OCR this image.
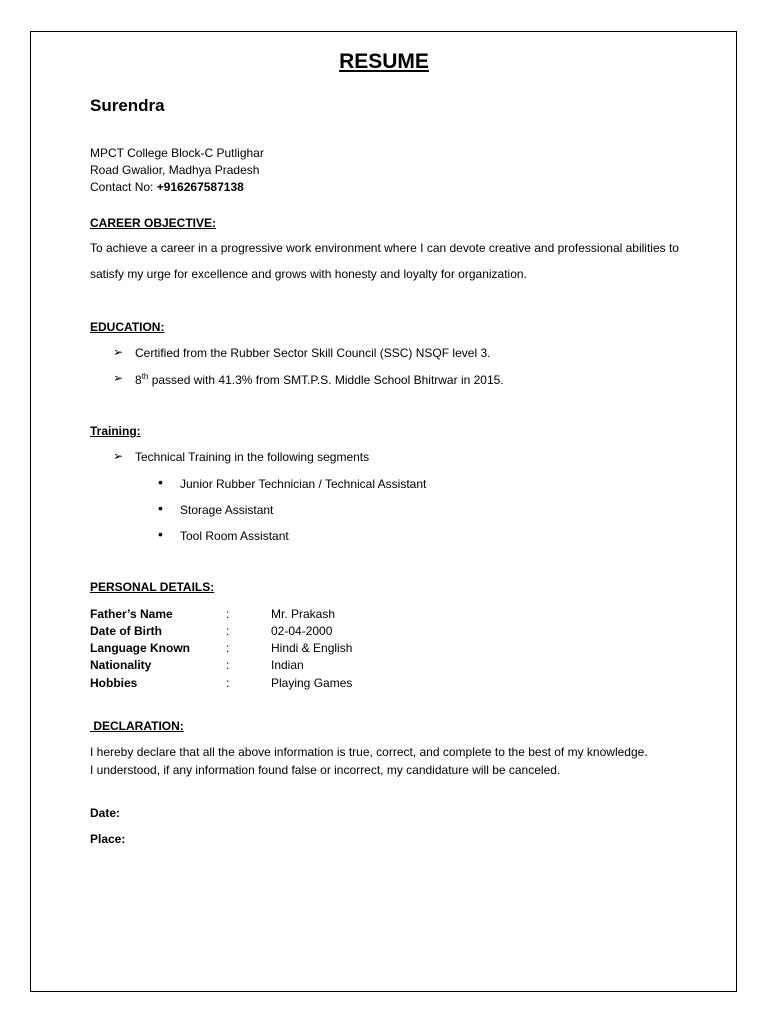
RESUME
Surendra
MPCT College Block-C Putlighar
Road Gwalior, Madhya Pradesh
Contact No: +916267587138
CAREER OBJECTIVE:
To achieve a career in a progressive work environment where I can devote creative and professional abilities to
satisfy my urge for excellence and grows with honesty and loyalty for organization.
EDUCATION:
➢ Certified from the Rubber Sector Skill Council (SSC) NSQF level 3.
➢ 8th passed with 41.3% from SMT.P.S. Middle School Bhitrwar in 2015.
Training:
➢ Technical Training in the following segments
• Junior Rubber Technician / Technical Assistant
• Storage Assistant
• Tool Room Assistant
PERSONAL DETAILS:
Father’s Name	:	Mr. Prakash
Date of Birth	:	02-04-2000
Language Known	:	Hindi & English
Nationality	:	Indian
Hobbies	:	Playing Games
DECLARATION:
I hereby declare that all the above information is true, correct, and complete to the best of my knowledge.
I understood, if any information found false or incorrect, my candidature will be canceled.
Date:
Place:
